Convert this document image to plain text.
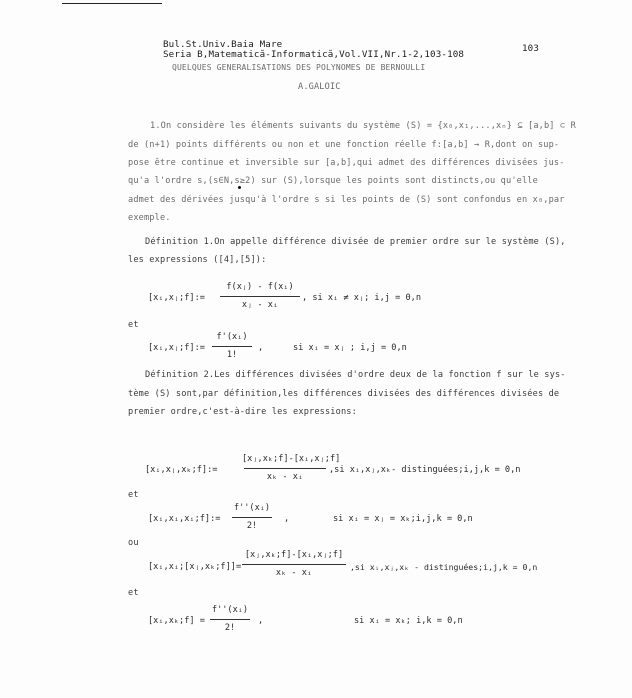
Bul.St.Univ.Baia Mare
Seria B,Matematică-Informatică,Vol.VII,Nr.1-2,103-108
103
QUELQUES GENERALISATIONS DES POLYNOMES DE BERNOULLI
A.GALOIC
1.On considère les éléments suivants du système (S) = {x₀,x₁,...,xₙ} ⊆ [a,b] ⊂ R
de (n+1) points différents ou non et une fonction réelle f:[a,b] → R,dont on sup-
pose être continue et inversible sur [a,b],qui admet des différences divisées jus-
qu'a l'ordre s,(s∈N,s≥2) sur (S),lorsque les points sont distincts,ou qu'elle
admet des dérivées jusqu'à l'ordre s si les points de (S) sont confondus en x₀,par
exemple.
Définition 1.On appelle différence divisée de premier ordre sur le système (S),
les expressions ([4],[5]):
[xᵢ,xⱼ;f]:=
f(xⱼ) - f(xᵢ)
xⱼ - xᵢ
, si xᵢ ≠ xⱼ; i,j = 0,n
et
[xᵢ,xⱼ;f]:=
f'(xᵢ)
1!
,	si xᵢ = xⱼ ; i,j = 0,n
Définition 2.Les différences divisées d'ordre deux de la fonction f sur le sys-
tème (S) sont,par définition,les différences divisées des différences divisées de
premier ordre,c'est-à-dire les expressions:
[xᵢ,xⱼ,xₖ;f]:=
[xⱼ,xₖ;f]-[xᵢ,xⱼ;f]
xₖ - xᵢ
,si xᵢ,xⱼ,xₖ- distinguées;i,j,k = 0,n
et
[xᵢ,xᵢ,xᵢ;f]:=
f''(xᵢ)
2!
,	si xᵢ = xⱼ = xₖ;i,j,k = 0,n
ou
[xᵢ,xᵢ;[xⱼ,xₖ;f]]=
[xⱼ,xₖ;f]-[xᵢ,xⱼ;f]
xₖ - xᵢ
,si xᵢ,xⱼ,xₖ - distinguées;i,j,k = 0,n
et
[xᵢ,xₖ;f] =
f''(xᵢ)
2!
,	si xᵢ = xₖ; i,k = 0,n
